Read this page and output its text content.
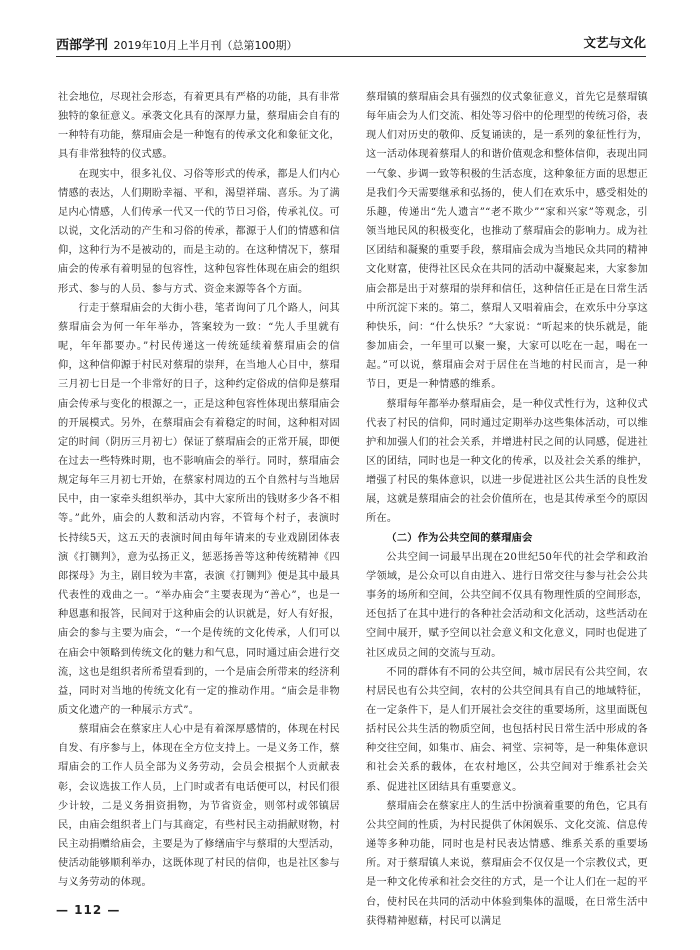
西部学刊 2019年10月上半月刊（总第100期）	文艺与文化

社会地位，尽现社会形态，有着更具有严格的功能，具有非常独特的象征意义。承袭文化具有的深厚力量，蔡瑁庙会自有的一种特有功能，蔡瑁庙会是一种饱有的传承文化和象征文化，具有非常独特的仪式感。

在现实中，很多礼仪、习俗等形式的传承，都是人们内心情感的表达，人们期盼幸福、平和，渴望祥瑞、喜乐。为了满足内心情感，人们传承一代又一代的节日习俗，传承礼仪。可以说，文化活动的产生和习俗的传承，都源于人们的情感和信仰，这种行为不是被动的，而是主动的。在这种情况下，蔡瑁庙会的传承有着明显的包容性，这种包容性体现在庙会的组织形式、参与的人员、参与方式、资金来源等各个方面。

行走于蔡瑁庙会的大街小巷，笔者询问了几个路人，问其蔡瑁庙会为何一年年举办，答案较为一致：“先人手里就有呢，年年都要办。”村民传递这一传统延续着蔡瑁庙会的信仰，这种信仰源于村民对蔡瑁的崇拜，在当地人心目中，蔡瑁三月初七日是一个非常好的日子，这种约定俗成的信仰是蔡瑁庙会传承与变化的根源之一，正是这种包容性体现出蔡瑁庙会的开展模式。另外，在蔡瑁庙会有着稳定的时间，这种相对固定的时间（阴历三月初七）保证了蔡瑁庙会的正常开展，即便在过去一些特殊时期，也不影响庙会的举行。同时，蔡瑁庙会规定每年三月初七开始，在蔡家村周边的五个自然村与当地居民中，由一家牵头组织举办，其中大家所出的钱财多少各不相等。”此外，庙会的人数和活动内容，不管每个村子，表演时长持续5天，这五天的表演时间由每年请来的专业戏剧团体表演《打铡判》，意为弘扬正义，惩恶扬善等这种传统精神《四郎探母》为主，剧目较为丰富，表演《打铡判》便是其中最具代表性的戏曲之一。“举办庙会”主要表现为“善心”，也是一种恩惠和报答，民间对于这种庙会的认识就是，好人有好报，庙会的参与主要为庙会，“一个是传统的文化传承，人们可以在庙会中领略到传统文化的魅力和气息，同时通过庙会进行交流，这也是组织者所希望看到的，一个是庙会所带来的经济利益，同时对当地的传统文化有一定的推动作用。“庙会是非物质文化遗产的一种展示方式”。

蔡瑁庙会在蔡家庄人心中是有着深厚感情的，体现在村民自发、有序参与上，体现在全方位支持上。一是义务工作，蔡瑁庙会的工作人员全部为义务劳动，会员会根据个人贡献表彰，会议选拔工作人员，上门时或者有电话便可以，村民们很少计较，二是义务捐资捐物，为节省资金，则邻村或邻镇居民，由庙会组织者上门与其商定，有些村民主动捐献财物，村民主动捐赠给庙会，主要是为了修缮庙宇与蔡瑁的大型活动，使活动能够顺利举办，这既体现了村民的信仰，也是社区参与与义务劳动的体现。

蔡瑁镇的蔡瑁庙会具有强烈的仪式象征意义，首先它是蔡瑁镇每年庙会为人们交流、相处等习俗中的伦理型的传统习俗，表现人们对历史的敬仰、反复诵读的，是一系列的象征性行为，这一活动体现着蔡瑁人的和谐价值观念和整体信仰，表现出同一气象、步调一致等积极的生活态度，这种象征方面的思想正是我们今天需要继承和弘扬的，使人们在欢乐中，感受相处的乐趣，传递出“先人遗言”“老不欺少”“家和兴家”等观念，引领当地民风的积极变化，也推动了蔡瑁庙会的影响力。成为社区团结和凝聚的重要手段，蔡瑁庙会成为当地民众共同的精神文化财富，使得社区民众在共同的活动中凝聚起来，大家参加庙会都是出于对蔡瑁的崇拜和信任，这种信任正是在日常生活中所沉淀下来的。第二，蔡瑁人又唱着庙会，在欢乐中分享这种快乐，问：“什么快乐？”大家说：“听起来的快乐就是，能参加庙会，一年里可以聚一聚，大家可以吃在一起，喝在一起。”可以说，蔡瑁庙会对于居住在当地的村民而言，是一种节日，更是一种情感的维系。

蔡瑁每年都举办蔡瑁庙会，是一种仪式性行为，这种仪式代表了村民的信仰，同时通过定期举办这些集体活动，可以维护和加强人们的社会关系，并增进村民之间的认同感，促进社区的团结，同时也是一种文化的传承，以及社会关系的维护，增强了村民的集体意识，以进一步促进社区公共生活的良性发展，这就是蔡瑁庙会的社会价值所在，也是其传承至今的原因所在。

（二）作为公共空间的蔡瑁庙会

公共空间一词最早出现在20世纪50年代的社会学和政治学领域，是公众可以自由进入、进行日常交往与参与社会公共事务的场所和空间，公共空间不仅具有物理性质的空间形态，还包括了在其中进行的各种社会活动和文化活动，这些活动在空间中展开，赋予空间以社会意义和文化意义，同时也促进了社区成员之间的交流与互动。

不同的群体有不同的公共空间，城市居民有公共空间，农村居民也有公共空间，农村的公共空间具有自己的地域特征，在一定条件下，是人们开展社会交往的重要场所，这里面既包括村民公共生活的物质空间，也包括村民日常生活中形成的各种交往空间，如集市、庙会、祠堂、宗祠等，是一种集体意识和社会关系的载体，在农村地区，公共空间对于维系社会关系、促进社区团结具有重要意义。

蔡瑁庙会在蔡家庄人的生活中扮演着重要的角色，它具有公共空间的性质，为村民提供了休闲娱乐、文化交流、信息传递等多种功能，同时也是村民表达情感、维系关系的重要场所。对于蔡瑁镇人来说，蔡瑁庙会不仅仅是一个宗教仪式，更是一种文化传承和社会交往的方式，是一个让人们在一起的平台，使村民在共同的活动中体验到集体的温暖，在日常生活中获得精神慰藉，村民可以满足

— 112 —
